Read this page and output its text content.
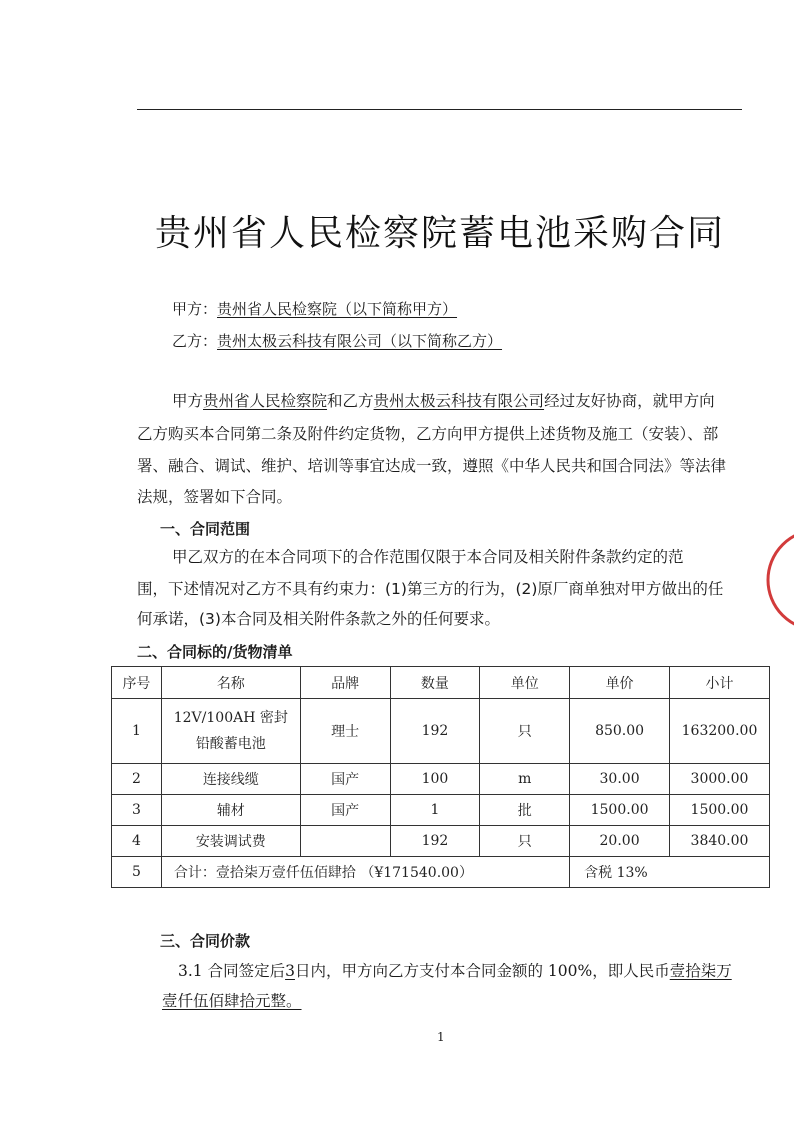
贵州省人民检察院蓄电池采购合同
甲方：贵州省人民检察院（以下简称甲方）
乙方：贵州太极云科技有限公司（以下简称乙方）
甲方贵州省人民检察院和乙方贵州太极云科技有限公司经过友好协商，就甲方向
乙方购买本合同第二条及附件约定货物，乙方向甲方提供上述货物及施工（安装）、部
署、融合、调试、维护、培训等事宜达成一致，遵照《中华人民共和国合同法》等法律
法规，签署如下合同。
一、合同范围
甲乙双方的在本合同项下的合作范围仅限于本合同及相关附件条款约定的范
围，下述情况对乙方不具有约束力：(1)第三方的行为，(2)原厂商单独对甲方做出的任
何承诺，(3)本合同及相关附件条款之外的任何要求。
二、合同标的/货物清单
序号	名称	品牌	数量	单位	单价	小计
1	12V/100AH 密封
铅酸蓄电池	理士	192	只	850.00	163200.00
2	连接线缆	国产	100	m	30.00	3000.00
3	辅材	国产	1	批	1500.00	1500.00
4	安装调试费		192	只	20.00	3840.00
5	合计：壹拾柒万壹仟伍佰肆拾 （¥171540.00）				含税 13%	
三、合同价款
3.1 合同签定后3日内，甲方向乙方支付本合同金额的 100%，即人民币壹拾柒万
壹仟伍佰肆拾元整。
1
